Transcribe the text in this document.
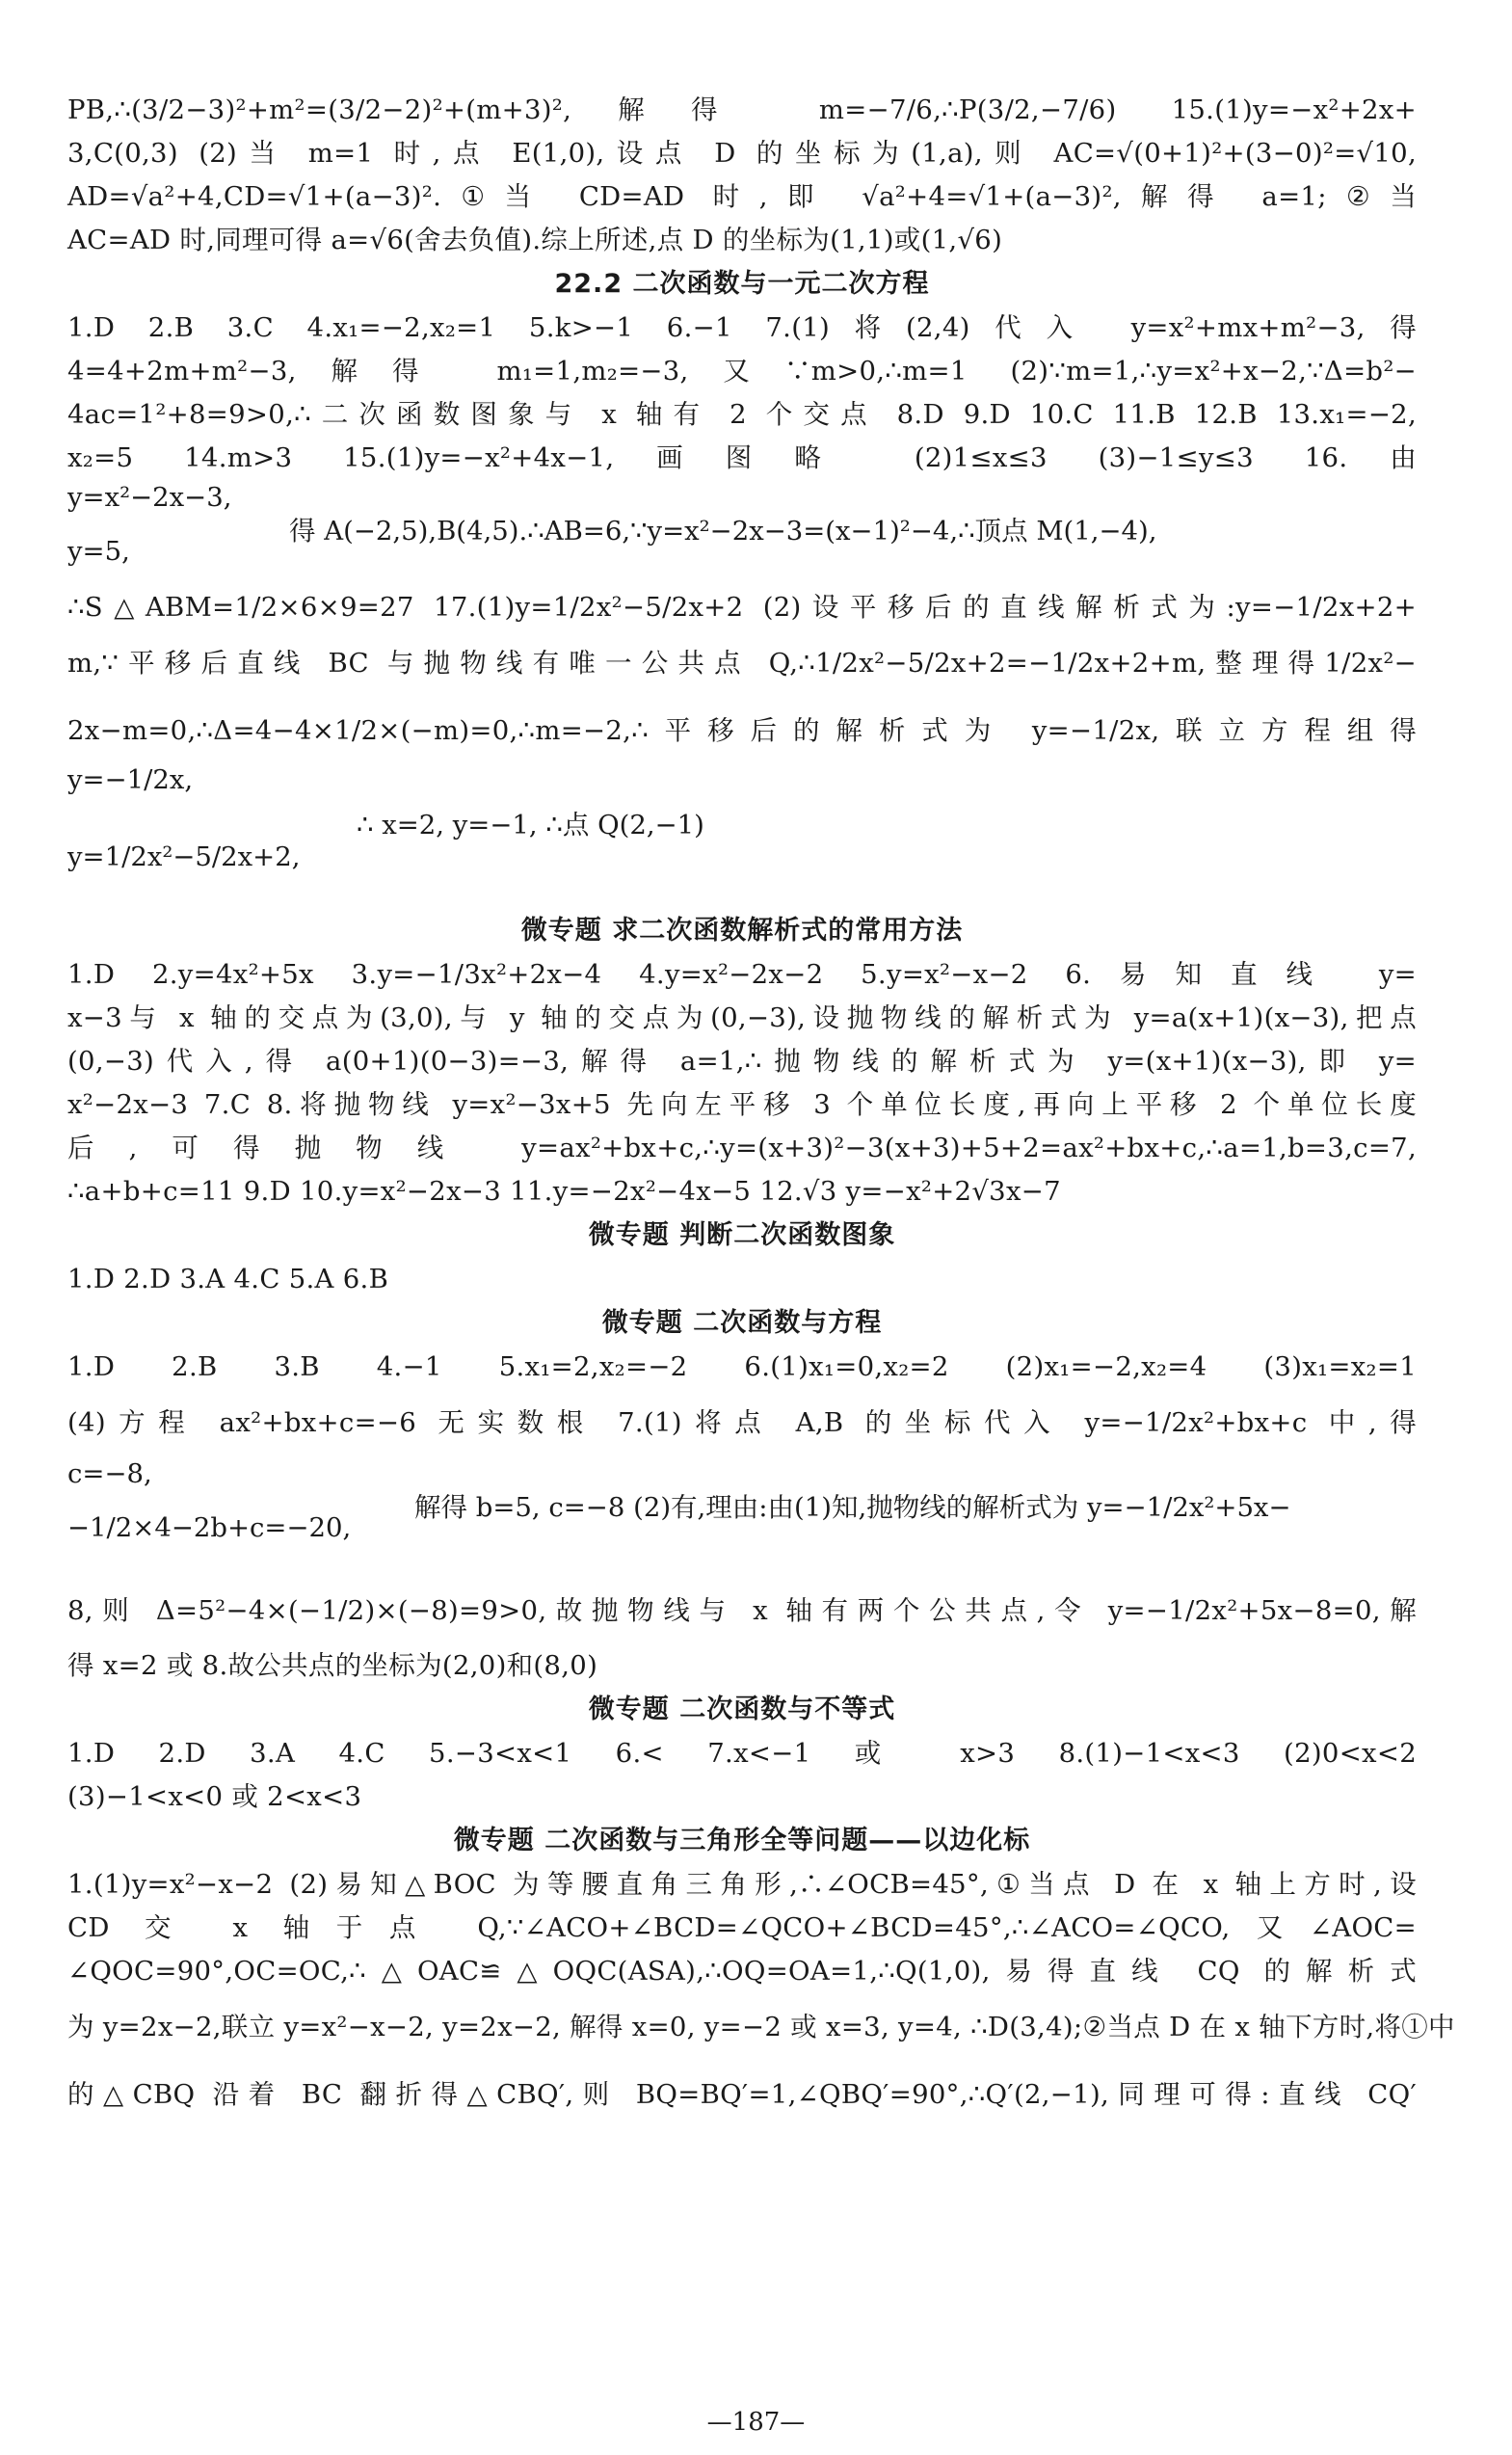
PB,∴(3/2−3)²+m²=(3/2−2)²+(m+3)²,解得 m=−7/6,∴P(3/2,−7/6) 15.(1)y=−x²+2x+
3,C(0,3) (2)当 m=1 时,点 E(1,0),设点 D 的坐标为(1,a),则 AC=√(0+1)²+(3−0)²=√10,
AD=√a²+4,CD=√1+(a−3)².①当 CD=AD 时,即 √a²+4=√1+(a−3)²,解得 a=1;②当
AC=AD 时,同理可得 a=√6(舍去负值).综上所述,点 D 的坐标为(1,1)或(1,√6)
22.2 二次函数与一元二次方程
1.D 2.B 3.C 4.x₁=−2,x₂=1 5.k>−1 6.−1 7.(1)将(2,4)代入 y=x²+mx+m²−3,得
4=4+2m+m²−3,解得 m₁=1,m₂=−3,又∵m>0,∴m=1 (2)∵m=1,∴y=x²+x−2,∵Δ=b²−
4ac=1²+8=9>0,∴二次函数图象与 x 轴有 2 个交点 8.D 9.D 10.C 11.B 12.B 13.x₁=−2,
x₂=5 14.m>3 15.(1)y=−x²+4x−1,画图略 (2)1≤x≤3 (3)−1≤y≤3 16.由
y=x²−2x−3,
y=5,
得 A(−2,5),B(4,5).∴AB=6,∵y=x²−2x−3=(x−1)²−4,∴顶点 M(1,−4),
∴S△ABM=1/2×6×9=27 17.(1)y=1/2x²−5/2x+2 (2)设平移后的直线解析式为:y=−1/2x+2+
m,∵平移后直线 BC 与抛物线有唯一公共点 Q,∴1/2x²−5/2x+2=−1/2x+2+m,整理得1/2x²−
2x−m=0,∴Δ=4−4×1/2×(−m)=0,∴m=−2,∴平移后的解析式为 y=−1/2x,联立方程组得
y=−1/2x,
y=1/2x²−5/2x+2,
∴ x=2, y=−1, ∴点 Q(2,−1)
微专题 求二次函数解析式的常用方法
1.D 2.y=4x²+5x 3.y=−1/3x²+2x−4 4.y=x²−2x−2 5.y=x²−x−2 6.易知直线 y=
x−3与 x 轴的交点为(3,0),与 y 轴的交点为(0,−3),设抛物线的解析式为 y=a(x+1)(x−3),把点
(0,−3)代入,得 a(0+1)(0−3)=−3,解得 a=1,∴抛物线的解析式为 y=(x+1)(x−3),即 y=
x²−2x−3 7.C 8.将抛物线 y=x²−3x+5 先向左平移 3 个单位长度,再向上平移 2 个单位长度
后,可得抛物线 y=ax²+bx+c,∴y=(x+3)²−3(x+3)+5+2=ax²+bx+c,∴a=1,b=3,c=7,
∴a+b+c=11 9.D 10.y=x²−2x−3 11.y=−2x²−4x−5 12.√3 y=−x²+2√3x−7
微专题 判断二次函数图象
1.D 2.D 3.A 4.C 5.A 6.B
微专题 二次函数与方程
1.D 2.B 3.B 4.−1 5.x₁=2,x₂=−2 6.(1)x₁=0,x₂=2 (2)x₁=−2,x₂=4 (3)x₁=x₂=1
(4)方程 ax²+bx+c=−6 无实数根 7.(1)将点 A,B 的坐标代入 y=−1/2x²+bx+c 中,得
c=−8,
−1/2×4−2b+c=−20,
解得 b=5, c=−8 (2)有,理由:由(1)知,抛物线的解析式为 y=−1/2x²+5x−
8,则 Δ=5²−4×(−1/2)×(−8)=9>0,故抛物线与 x 轴有两个公共点,令 y=−1/2x²+5x−8=0,解
得 x=2 或 8.故公共点的坐标为(2,0)和(8,0)
微专题 二次函数与不等式
1.D 2.D 3.A 4.C 5.−3<x<1 6.< 7.x<−1 或 x>3 8.(1)−1<x<3 (2)0<x<2
(3)−1<x<0 或 2<x<3
微专题 二次函数与三角形全等问题——以边化标
1.(1)y=x²−x−2 (2)易知△BOC 为等腰直角三角形,∴∠OCB=45°,①当点 D 在 x 轴上方时,设
CD 交 x 轴于点 Q,∵∠ACO+∠BCD=∠QCO+∠BCD=45°,∴∠ACO=∠QCO,又∠AOC=
∠QOC=90°,OC=OC,∴△OAC≌△OQC(ASA),∴OQ=OA=1,∴Q(1,0),易得直线 CQ 的解析式
为 y=2x−2,联立 y=x²−x−2, y=2x−2, 解得 x=0, y=−2 或 x=3, y=4, ∴D(3,4);②当点 D 在 x 轴下方时,将①中
的△CBQ 沿着 BC 翻折得△CBQ′,则 BQ=BQ′=1,∠QBQ′=90°,∴Q′(2,−1),同理可得:直线 CQ′
—187—
